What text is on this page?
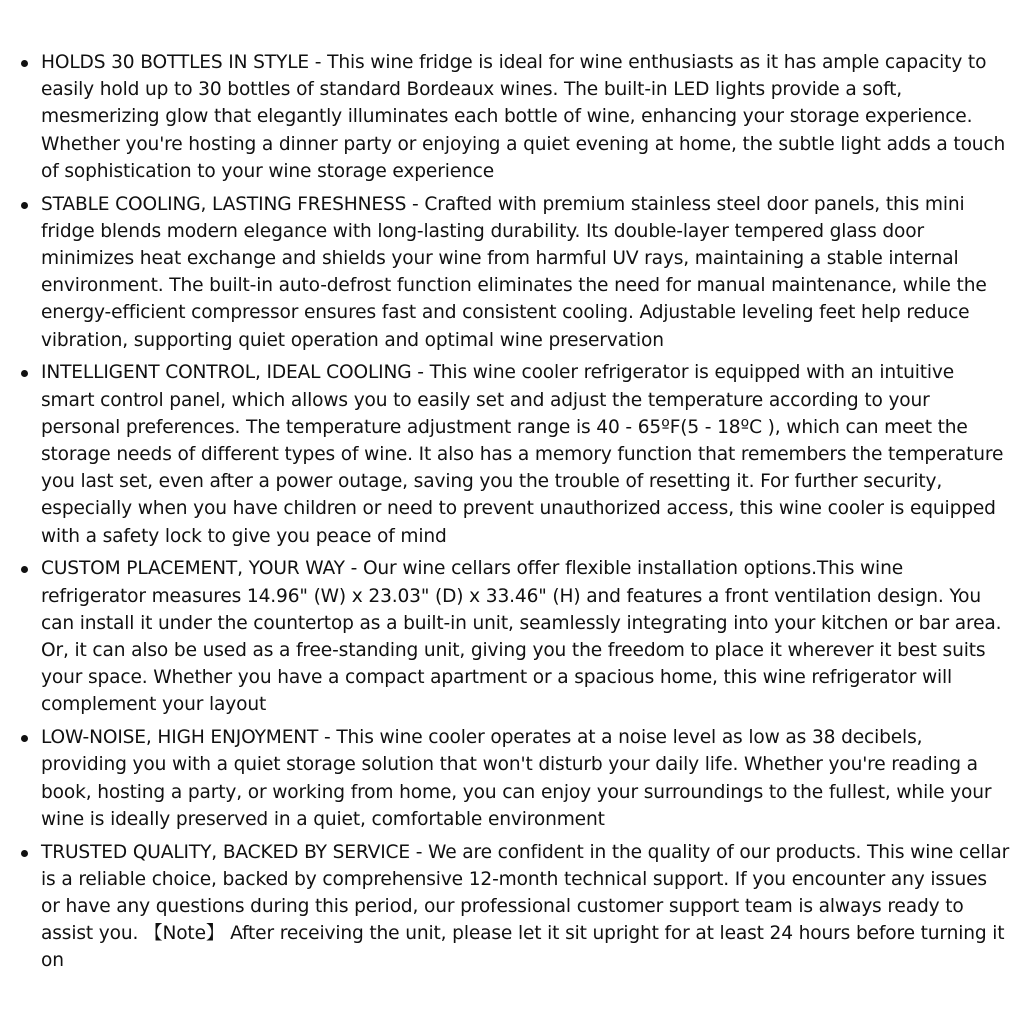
HOLDS 30 BOTTLES IN STYLE - This wine fridge is ideal for wine enthusiasts as it has ample capacity to easily hold up to 30 bottles of standard Bordeaux wines. The built-in LED lights provide a soft, mesmerizing glow that elegantly illuminates each bottle of wine, enhancing your storage experience. Whether you're hosting a dinner party or enjoying a quiet evening at home, the subtle light adds a touch of sophistication to your wine storage experience
STABLE COOLING, LASTING FRESHNESS - Crafted with premium stainless steel door panels, this mini fridge blends modern elegance with long-lasting durability. Its double-layer tempered glass door minimizes heat exchange and shields your wine from harmful UV rays, maintaining a stable internal environment. The built-in auto-defrost function eliminates the need for manual maintenance, while the energy-efficient compressor ensures fast and consistent cooling. Adjustable leveling feet help reduce vibration, supporting quiet operation and optimal wine preservation
INTELLIGENT CONTROL, IDEAL COOLING - This wine cooler refrigerator is equipped with an intuitive smart control panel, which allows you to easily set and adjust the temperature according to your personal preferences. The temperature adjustment range is 40 - 65ºF(5 - 18ºC ), which can meet the storage needs of different types of wine. It also has a memory function that remembers the temperature you last set, even after a power outage, saving you the trouble of resetting it. For further security, especially when you have children or need to prevent unauthorized access, this wine cooler is equipped with a safety lock to give you peace of mind
CUSTOM PLACEMENT, YOUR WAY - Our wine cellars offer flexible installation options.This wine refrigerator measures 14.96" (W) x 23.03" (D) x 33.46" (H) and features a front ventilation design. You can install it under the countertop as a built-in unit, seamlessly integrating into your kitchen or bar area. Or, it can also be used as a free-standing unit, giving you the freedom to place it wherever it best suits your space. Whether you have a compact apartment or a spacious home, this wine refrigerator will complement your layout
LOW-NOISE, HIGH ENJOYMENT - This wine cooler operates at a noise level as low as 38 decibels, providing you with a quiet storage solution that won't disturb your daily life. Whether you're reading a book, hosting a party, or working from home, you can enjoy your surroundings to the fullest, while your wine is ideally preserved in a quiet, comfortable environment
TRUSTED QUALITY, BACKED BY SERVICE - We are confident in the quality of our products. This wine cellar is a reliable choice, backed by comprehensive 12-month technical support. If you encounter any issues or have any questions during this period, our professional customer support team is always ready to assist you. 【Note】 After receiving the unit, please let it sit upright for at least 24 hours before turning it on
